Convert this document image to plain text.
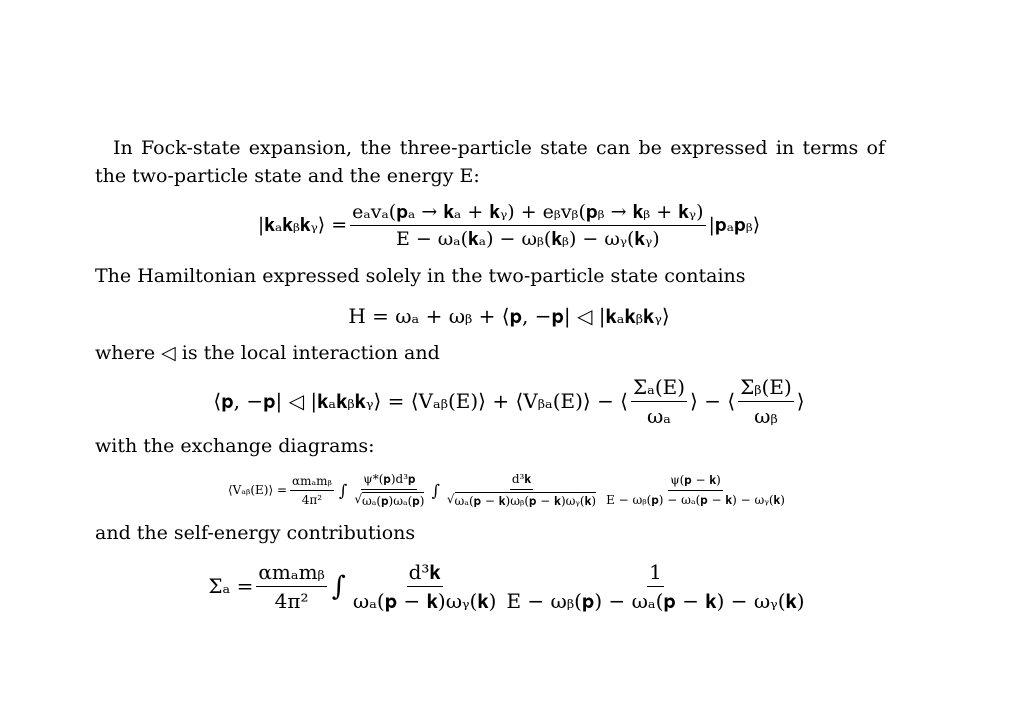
In Fock-state expansion, the three-particle state can be expressed in terms of the two-particle state and the energy E:

|𝐤ₐ𝐤ᵦ𝐤ᵧ⟩ = $\frac{\text{eₐvₐ(𝐩ₐ → 𝐤ₐ + 𝐤ᵧ) + eᵦvᵦ(𝐩ᵦ → 𝐤ᵦ + 𝐤ᵧ)}}{\text{E − ωₐ(𝐤ₐ) − ωᵦ(𝐤ᵦ) − ωᵧ(𝐤ᵧ)}}$ |𝐩ₐ𝐩ᵦ⟩

The Hamiltonian expressed solely in the two-particle state contains

H = ωₐ + ωᵦ + ⟨𝐩, −𝐩| ◁ |𝐤ₐ𝐤ᵦ𝐤ᵧ⟩

where ◁ is the local interaction and

⟨𝐩, −𝐩| ◁ |𝐤ₐ𝐤ᵦ𝐤ᵧ⟩ = ⟨Vₐᵦ(E)⟩ + ⟨Vᵦₐ(E)⟩ − ⟨ $\frac{\text{Σₐ(E)}}{\text{ωₐ}}$ ⟩ − ⟨ $\frac{\text{Σᵦ(E)}}{\text{ωᵦ}}$ ⟩

with the exchange diagrams:

⟨Vₐᵦ(E)⟩ = $\frac{\text{αmₐmᵦ}}{\text{4π²}}$ ∫ $\frac{\text{ψ*(𝐩)d³𝐩}}{\text{√ ωₐ(𝐩)ωₐ(𝐩)}}$ ∫ $\frac{\text{d³𝐤}}{\text{√ ωₐ(𝐩 − 𝐤)ωᵦ(𝐩 − 𝐤)ωᵧ(𝐤)}} \frac{\text{ψ(𝐩 − 𝐤)}}{\text{E − ωᵦ(𝐩) − ωₐ(𝐩 − 𝐤) − ωᵧ(𝐤)}}$

and the self-energy contributions

$\Sigma_a = \frac{\text{αmₐmᵦ}}{\text{4π²}}$ ∫ $\frac{\text{d³𝐤}}{\text{ωₐ(𝐩 − 𝐤)ωᵧ(𝐤)}} \frac{1}{\text{E − ωᵦ(𝐩) − ωₐ(𝐩 − 𝐤) − ωᵧ(𝐤)}}$
